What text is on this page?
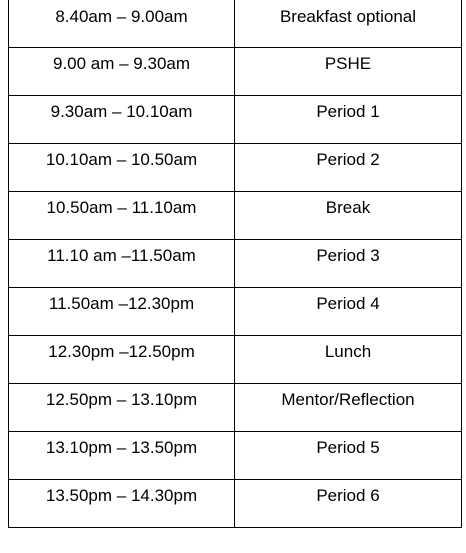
8.40am – 9.00am	Breakfast optional

9.00 am – 9.30am	PSHE

9.30am – 10.10am	Period 1

10.10am – 10.50am	Period 2

10.50am – 11.10am	Break

11.10 am –11.50am	Period 3

11.50am –12.30pm	Period 4

12.30pm –12.50pm	Lunch

12.50pm – 13.10pm	Mentor/Reflection

13.10pm – 13.50pm	Period 5

13.50pm – 14.30pm	Period 6
